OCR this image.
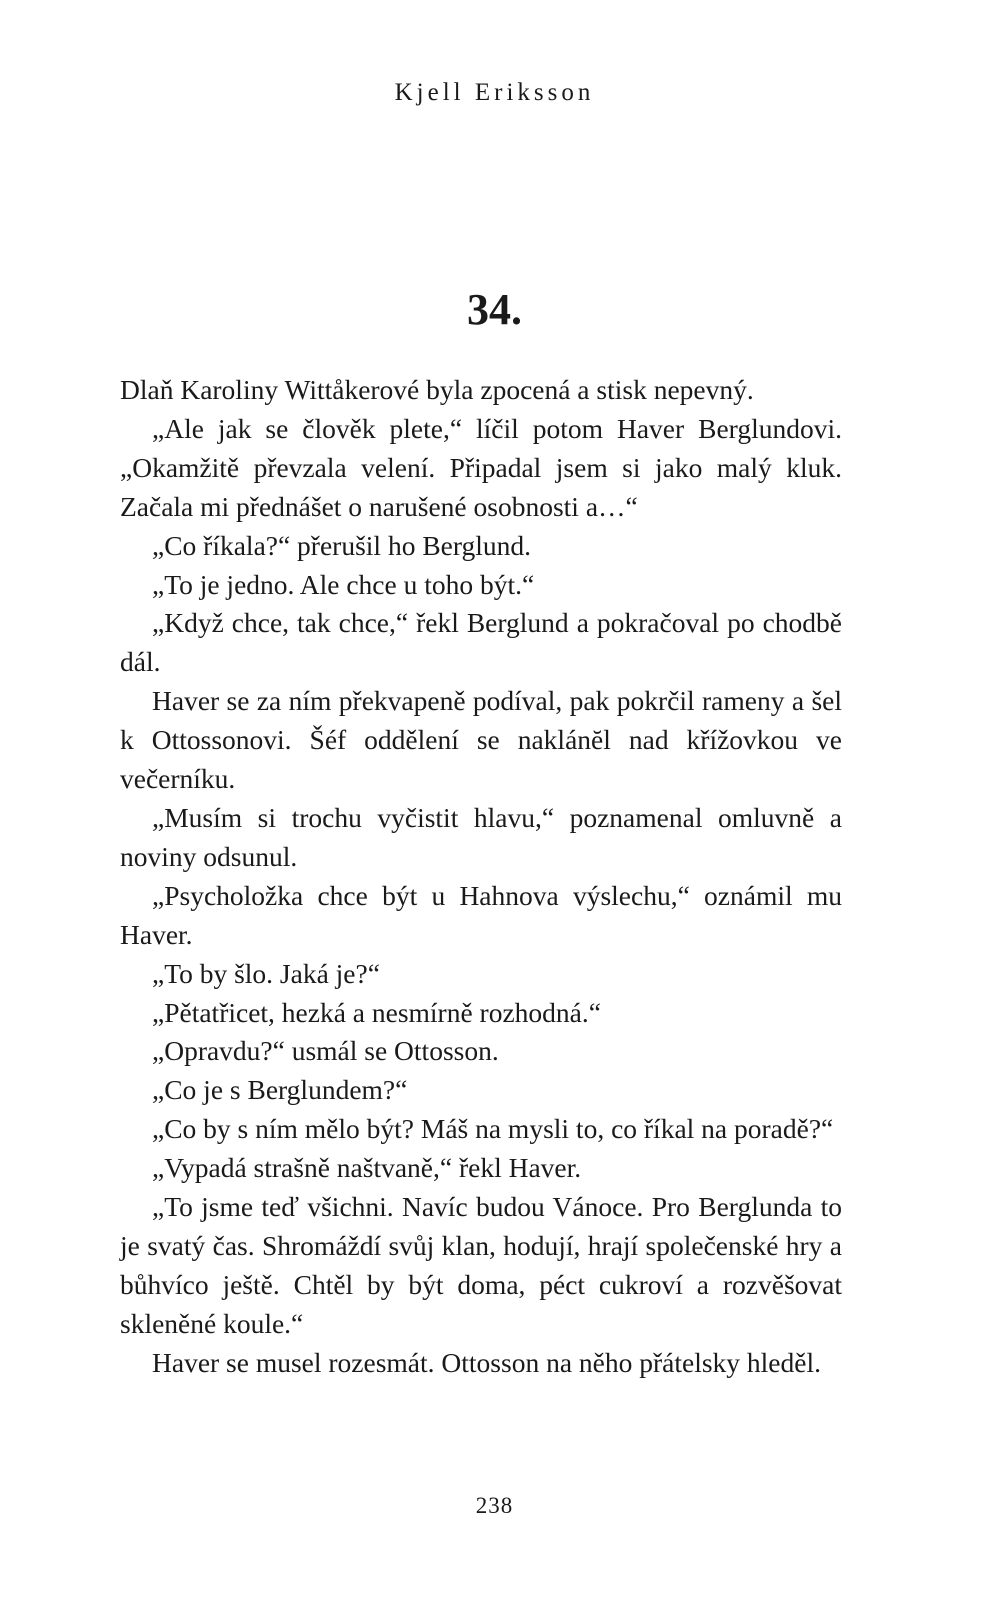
Kjell Eriksson
34.

Dlaň Karoliny Wittåkerové byla zpocená a stisk nepevný.

„Ale jak se člověk plete,“ líčil potom Haver Berglundovi. „Okamžitě převzala velení. Připadal jsem si jako malý kluk. Začala mi přednášet o narušené osobnosti a…“

„Co říkala?“ přerušil ho Berglund.

„To je jedno. Ale chce u toho být.“

„Když chce, tak chce,“ řekl Berglund a pokračoval po chodbě dál.

Haver se za ním překvapeně podíval, pak pokrčil rameny a šel k Ottossonovi. Šéf oddělení se naklánĕl nad křížovkou ve večerníku.

„Musím si trochu vyčistit hlavu,“ poznamenal omluvně a noviny odsunul.

„Psycholožka chce být u Hahnova výslechu,“ oznámil mu Haver.

„To by šlo. Jaká je?“

„Pětatřicet, hezká a nesmírně rozhodná.“

„Opravdu?“ usmál se Ottosson.

„Co je s Berglundem?“

„Co by s ním mělo být? Máš na mysli to, co říkal na poradě?“

„Vypadá strašně naštvaně,“ řekl Haver.

„To jsme teď všichni. Navíc budou Vánoce. Pro Berglunda to je svatý čas. Shromáždí svůj klan, hodují, hrají společenské hry a bůhvíco ještě. Chtěl by být doma, péct cukroví a rozvěšovat skleněné koule.“

Haver se musel rozesmát. Ottosson na něho přátelsky hleděl.

238
